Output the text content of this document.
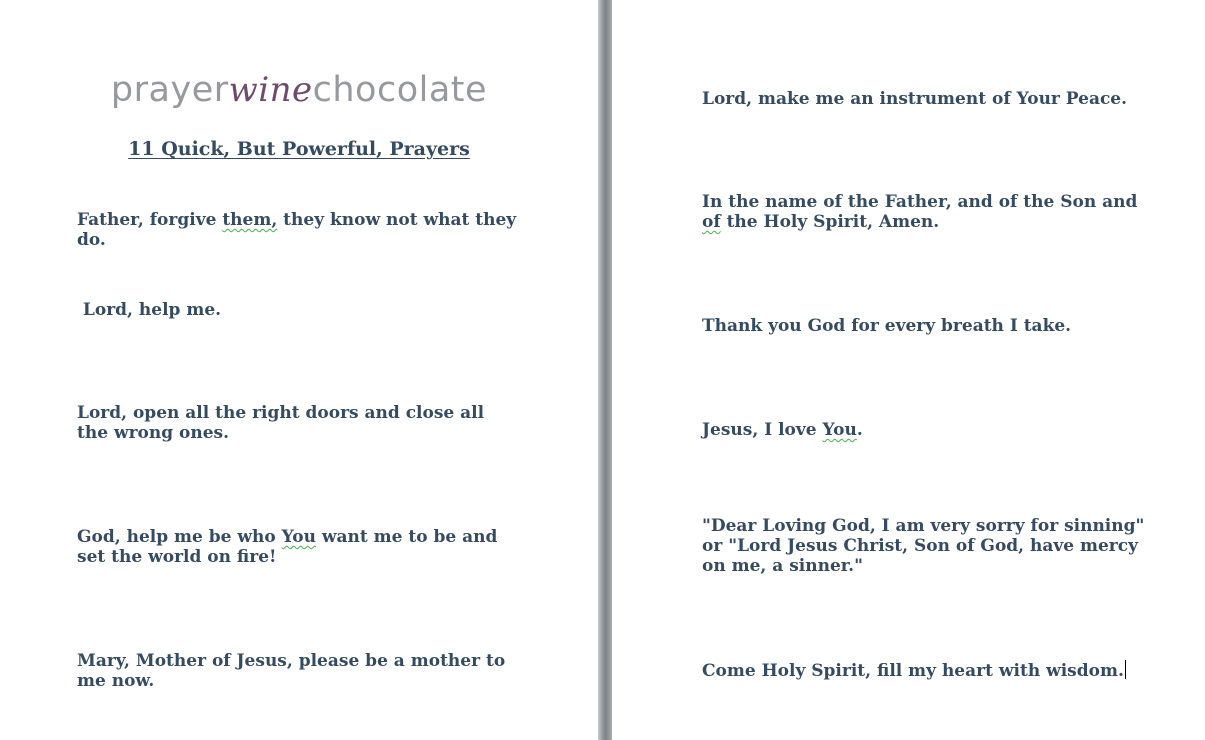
prayerwinechocolate
11 Quick, But Powerful, Prayers

Father, forgive them, they know not what they do.

Lord, help me.

Lord, open all the right doors and close all the wrong ones.

God, help me be who You want me to be and set the world on fire!

Mary, Mother of Jesus, please be a mother to me now.

Lord, make me an instrument of Your Peace.

In the name of the Father, and of the Son and of the Holy Spirit, Amen.

Thank you God for every breath I take.

Jesus, I love You.

"Dear Loving God, I am very sorry for sinning" or "Lord Jesus Christ, Son of God, have mercy on me, a sinner."

Come Holy Spirit, fill my heart with wisdom.
